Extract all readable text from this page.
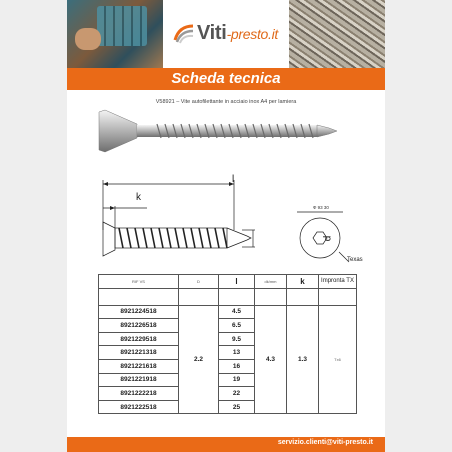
Viti-presto.it
Scheda tecnica
V58921 – Vite autofilettante in acciaio inox A4 per lamiera
l
k
d
Ф 93 30
Texas
RIF VS	D	l	dk/mm	k	Impronta TX

8921224518	2.2	4.5	4.3	1.3	Tx6
8921226518		6.5			
8921229518		9.5			
8921221318		13			
8921221618		16			
8921221918		19			
8921222218		22			
8921222518		25			
servizio.clienti@viti-presto.it
